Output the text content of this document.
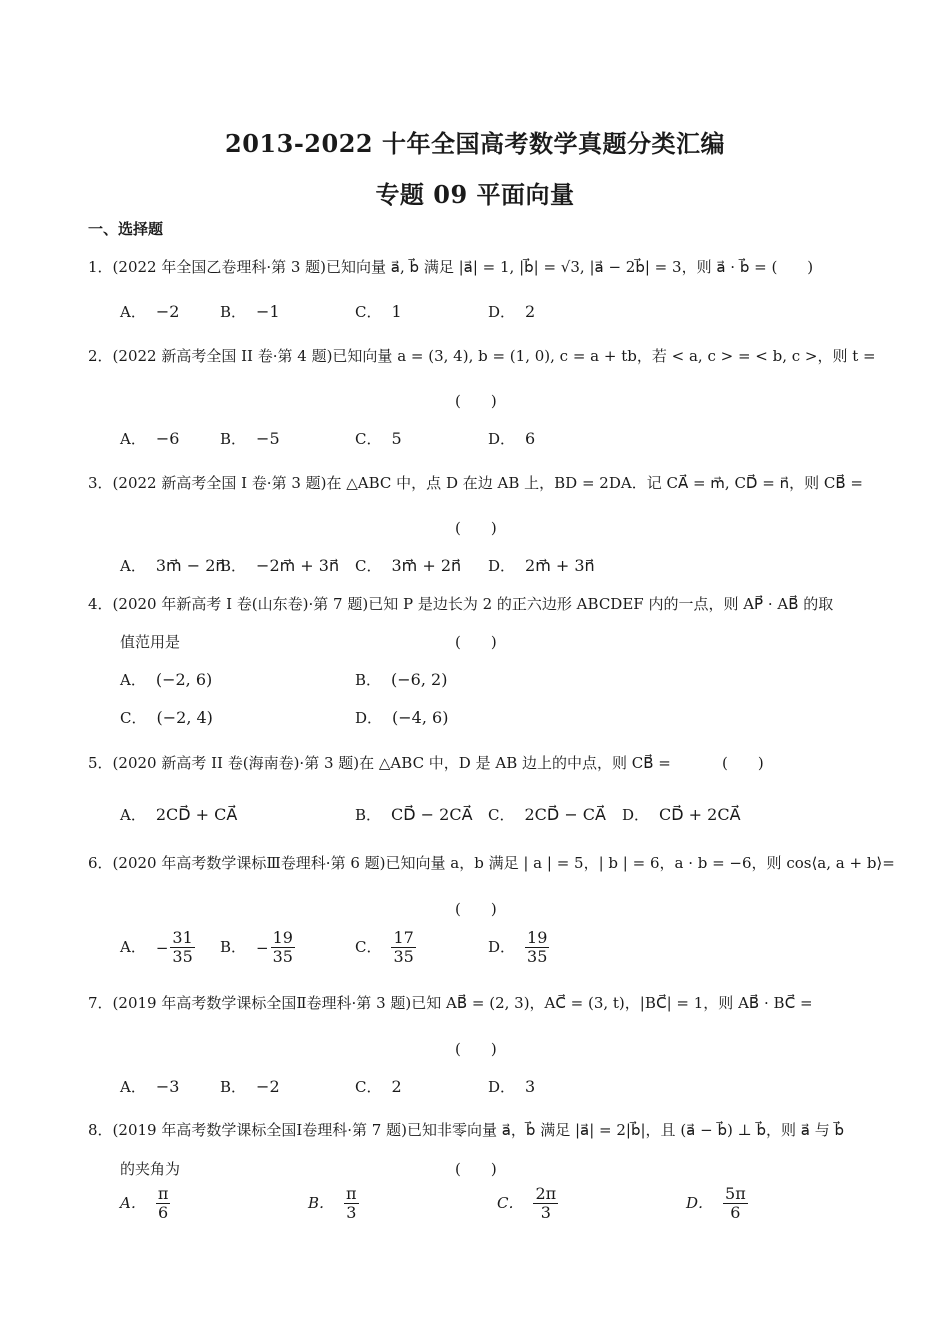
2013-2022 十年全国高考数学真题分类汇编
专题 09 平面向量
一、选择题
1．(2022 年全国乙卷理科·第 3 题)已知向量 a⃗, b⃗ 满足 |a⃗| = 1, |b⃗| = √3, |a⃗ − 2b⃗| = 3，则 a⃗ · b⃗ = (　　)
A． −2	B． −1	C． 1	D． 2
2．(2022 新高考全国 II 卷·第 4 题)已知向量 a = (3, 4), b = (1, 0), c = a + tb，若 < a, c > = < b, c >，则 t =
(　　)
A． −6	B． −5	C． 5	D． 6
3．(2022 新高考全国 I 卷·第 3 题)在 △ABC 中，点 D 在边 AB 上，BD = 2DA．记 CA⃗ = m⃗, CD⃗ = n⃗，则 CB⃗ =
(　　)
A． 3m⃗ − 2n⃗
B． −2m⃗ + 3n⃗ C． 3m⃗ + 2n⃗ D． 2m⃗ + 3n⃗
4．(2020 年新高考 I 卷(山东卷)·第 7 题)已知 P 是边长为 2 的正六边形 ABCDEF 内的一点，则 AP⃗ · AB⃗ 的取
值范用是	(　　)
A． (−2, 6)	B． (−6, 2)
C． (−2, 4)	D． (−4, 6)
5．(2020 新高考 II 卷(海南卷)·第 3 题)在 △ABC 中，D 是 AB 边上的中点，则 CB⃗ =	(　　)
A． 2CD⃗ + CA⃗	B． CD⃗ − 2CA⃗ C． 2CD⃗ − CA⃗ D． CD⃗ + 2CA⃗
6．(2020 年高考数学课标Ⅲ卷理科·第 6 题)已知向量 a，b 满足 | a | = 5，| b | = 6，a · b = −6，则 cos⟨a, a + b⟩=
(　　)
A． − $\frac{31}{35}$ B． − $\frac{19}{35}$	C． $\frac{17}{35}$	D． $\frac{19}{35}$
7．(2019 年高考数学课标全国Ⅱ卷理科·第 3 题)已知 AB⃗ = (2, 3)，AC⃗ = (3, t)，|BC⃗| = 1，则 AB⃗ · BC⃗ =
(　　)
A． −3	B． −2	C． 2	D． 3
8．(2019 年高考数学课标全国I卷理科·第 7 题)已知非零向量 a⃗，b⃗ 满足 |a⃗| = 2|b⃗|，且 (a⃗ − b⃗) ⊥ b⃗，则 a⃗ 与 b⃗
的夹角为	(　　)
A． $\frac{\pi}{6}$	B． $\frac{\pi}{3}$	C． $\frac{2\pi}{3}$	D． $\frac{5\pi}{6}$
